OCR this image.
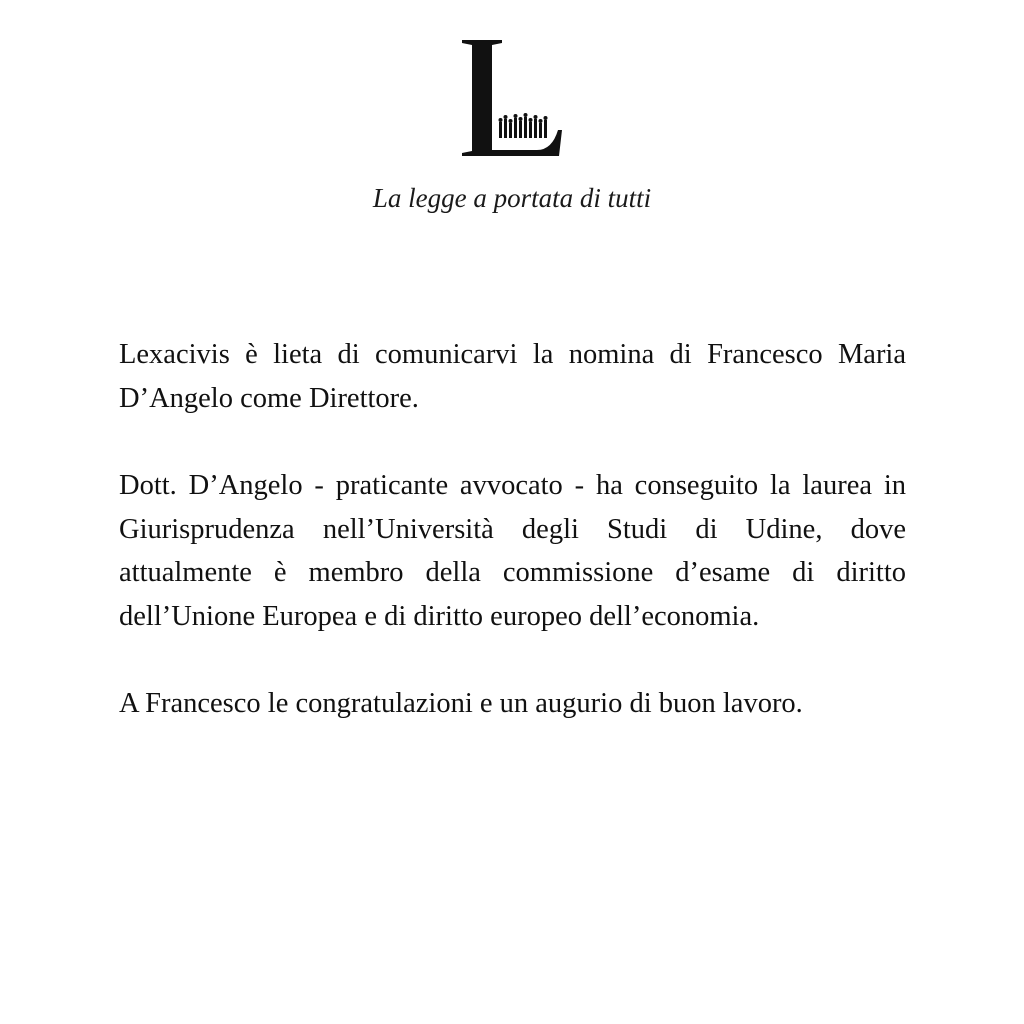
La legge a portata di tutti

Lexacivis è lieta di comunicarvi la nomina di Francesco Maria D’Angelo come Direttore.

Dott. D’Angelo - praticante avvocato - ha conseguito la laurea in Giurisprudenza nell’Università degli Studi di Udine, dove attualmente è membro della commissione d’esame di diritto dell’Unione Europea e di diritto europeo dell’economia.

A Francesco le congratulazioni e un augurio di buon lavoro.
